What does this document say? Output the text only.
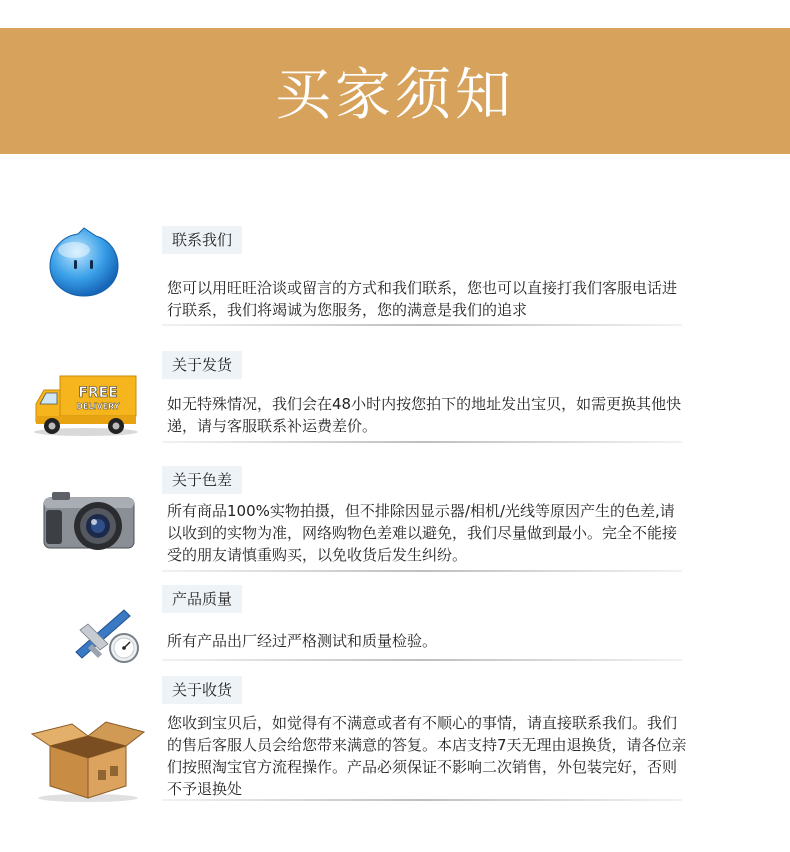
买家须知
联系我们
您可以用旺旺洽谈或留言的方式和我们联系，您也可以直接打我们客服电话进行联系，我们将竭诚为您服务，您的满意是我们的追求
FREE
DELIVERY
关于发货
如无特殊情况，我们会在48小时内按您拍下的地址发出宝贝，如需更换其他快递，请与客服联系补运费差价。
关于色差
所有商品100%实物拍摄，但不排除因显示器/相机/光线等原因产生的色差,请以收到的实物为准，网络购物色差难以避免，我们尽量做到最小。完全不能接受的朋友请慎重购买，以免收货后发生纠纷。
产品质量
所有产品出厂经过严格测试和质量检验。
关于收货
您收到宝贝后，如觉得有不满意或者有不顺心的事情，请直接联系我们。我们的售后客服人员会给您带来满意的答复。本店支持7天无理由退换货，请各位亲们按照淘宝官方流程操作。产品必须保证不影响二次销售，外包装完好，否则不予退换处
